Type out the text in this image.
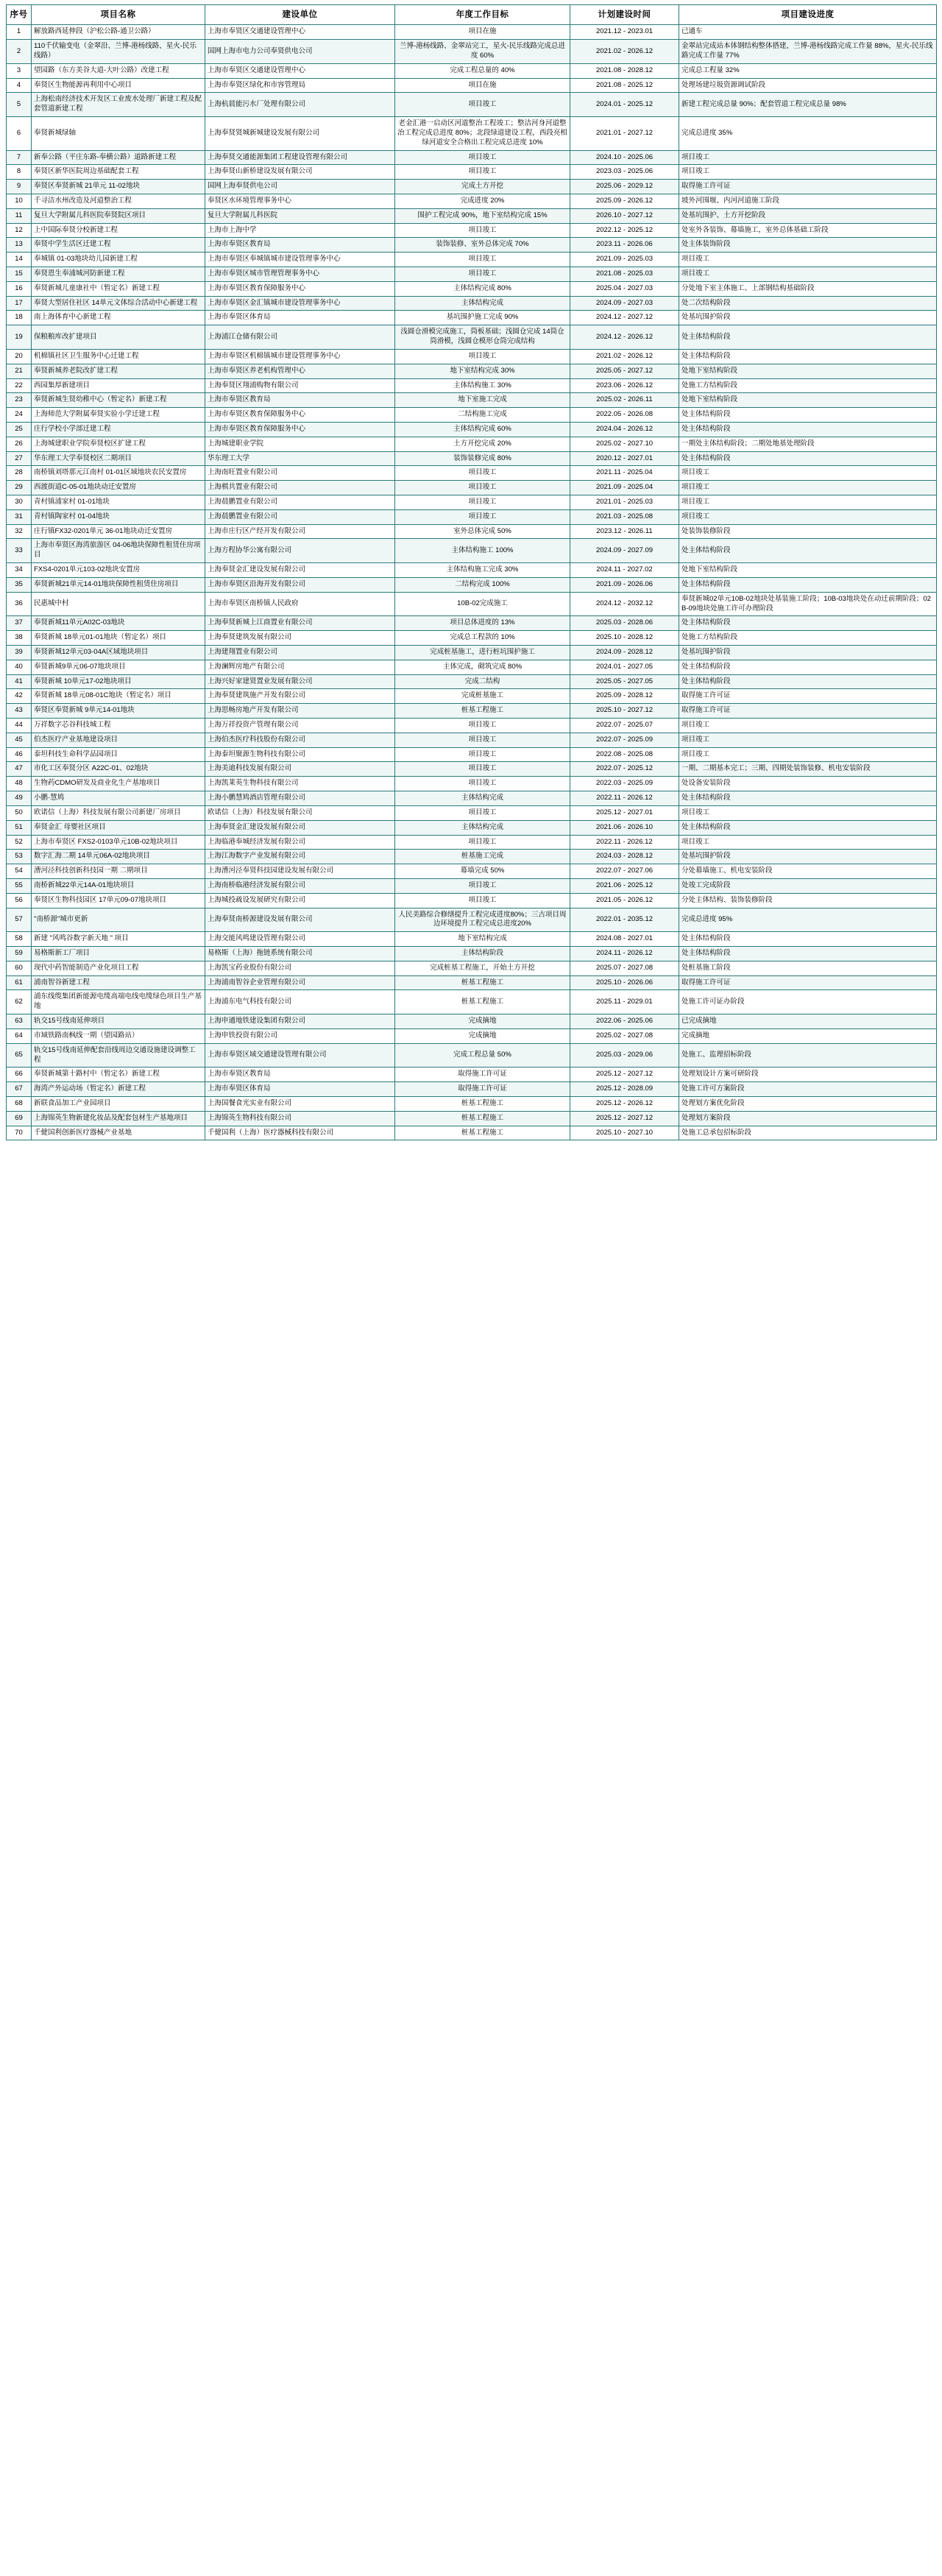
序号	项目名称	建设单位	年度工作目标	计划建设时间	项目建设进度
1	解放路西延伸段（沪松公路-通卫公路）	上海市奉贤区交通建设管理中心	项目在施	2021.12 - 2023.01	已通车
2	110千伏输变电（金翠沿、兰博-港杨线路、星火-民乐线路）	国网上海市电力公司奉贤供电公司	兰博-港杨线路、金翠站完工，星火-民乐线路完成总进度 60%	2021.02 - 2026.12	金翠站完成站本体钢结构整体搭建，兰博-港杨线路完成工作量 88%，星火-民乐线路完成工作量 77%
3	望园路（东方美谷大道-大叶公路）改建工程	上海市奉贤区交通建设管理中心	完成工程总量的 40%	2021.08 - 2028.12	完成总工程量 32%
4	奉贤区生物能源再利用中心项目	上海市奉贤区绿化和市容管理局	项目在施	2021.08 - 2025.12	处理场建垃圾资源调试阶段
5	上海松南经济技术开发区工业废水处理厂新建工程及配套管道新建工程	上海杭晨能污水厂处理有限公司	项目竣工	2024.01 - 2025.12	新建工程完成总量 90%；配套管道工程完成总量 98%
6	奉贤新城绿轴	上海奉贤贤城新城建设发展有限公司	老金汇港一启动区河道整治工程竣工；整洁河身河道整治工程完成总进度 80%；北段绿道建设工程，西段亮相绿河道安全合格出工程完成总进度 10%	2021.01 - 2027.12	完成总进度 35%
7	新奉公路（平庄东路-奉横公路）道路新建工程	上海奉贤交通能源集团工程建设管理有限公司	项目竣工	2024.10 - 2025.06	项目竣工
8	奉贤区新华医院周边基础配套工程	上海奉贤山新桥建设发展有限公司	项目竣工	2023.03 - 2025.06	项目竣工
9	奉贤区奉贤新城 21单元 11-02地块	国网上海奉贤供电公司	完成土方开挖	2025.06 - 2029.12	取得施工许可证
10	千寻洁水州改造及河道整治工程	奉贤区水环境管理事务中心	完成进度 20%	2025.09 - 2026.12	坡外河围堰、内河河道施工阶段
11	复旦大学附属儿科医院奉贤院区项目	复旦大学附属儿科医院	围护工程完成 90%，地下室结构完成 15%	2026.10 - 2027.12	处基坑围护、土方开挖阶段
12	上中国际奉贤分校新建工程	上海市上海中学	项目竣工	2022.12 - 2025.12	处室外各装饰、幕墙施工，室外总体基础工阶段
13	奉贤中学生活区迁建工程	上海市奉贤区教育局	装饰装修、室外总体完成 70%	2023.11 - 2026.06	处主体装饰阶段
14	奉城镇 01-03地块幼儿园新建工程	上海市奉贤区奉城镇城市建设管理事务中心	项目竣工	2021.09 - 2025.03	项目竣工
15	奉贤恩生奉浦城河防新建工程	上海市奉贤区城市管理管理事务中心	项目竣工	2021.08 - 2025.03	项目竣工
16	奉贤新城儿童康社中（暂定名）新建工程	上海市奉贤区教育保障服务中心	主体结构完成 80%	2025.04 - 2027.03	分处地下室主体施工、上部钢结构基础阶段
17	奉贤大型居住社区 14单元文体综合活动中心新建工程	上海市奉贤区金汇镇城市建设管理事务中心	主体结构完成	2024.09 - 2027.03	处二次结构阶段
18	南上海体育中心新建工程	上海市奉贤区体育局	基坑围护施工完成 90%	2024.12 - 2027.12	处基坑围护阶段
19	保粮粮库改扩建项目	上海浦江仓储有限公司	浅圆仓滑模完成施工，筒板基础；浅圆仓完成 14筒仓筒滑模，浅圆仓模形仓筒完成结构	2024.12 - 2026.12	处主体结构阶段
20	机棉镇社区卫生服务中心迁建工程	上海市奉贤区机棉镇城市建设管理事务中心	项目竣工	2021.02 - 2026.12	处主体结构阶段
21	奉贤新城养老院改扩建工程	上海市奉贤区养老机构管理中心	地下室结构完成 30%	2025.05 - 2027.12	处地下室结构阶段
22	西园集厚新建项目	上海奉贤区翔浦购物有限公司	主体结构施工 30%	2023.06 - 2026.12	处施工方结构阶段
23	奉贤新城生贤幼稚中心（暂定名）新建工程	上海市奉贤区教育局	地下室施工完成	2025.02 - 2026.11	处地下室结构阶段
24	上海师范大学附属奉贤实验小学迁建工程	上海市奉贤区教育保障服务中心	二结构施工完成	2022.05 - 2026.08	处主体结构阶段
25	庄行学校小学部迁建工程	上海市奉贤区教育保障服务中心	主体结构完成 60%	2024.04 - 2026.12	处主体结构阶段
26	上海城建职业学院奉贤校区扩建工程	上海城建职业学院	土方开挖完成 20%	2025.02 - 2027.10	一期处主体结构阶段；二期处地基处理阶段
27	华东理工大学奉贤校区二期项目	华东理工大学	装饰装修完成 80%	2020.12 - 2027.01	处主体结构阶段
28	南桥镇刘塔那元江南村 01-01区域地块农民安置房	上海南旺置业有限公司	项目竣工	2021.11 - 2025.04	项目竣工
29	西渡街道C-05-01地块动迁安置房	上海棋共置业有限公司	项目竣工	2021.09 - 2025.04	项目竣工
30	青村镇浦家村 01-01地块	上海晨鹏置业有限公司	项目竣工	2021.01 - 2025.03	项目竣工
31	青村镇陶家村 01-04地块	上海晨鹏置业有限公司	项目竣工	2021.03 - 2025.08	项目竣工
32	庄行镇FX32-0201单元 36-01地块动迁安置房	上海市庄行区产经开发有限公司	室外总体完成 50%	2023.12 - 2026.11	处装饰装修阶段
33	上海市奉贤区海湾旅游区 04-06地块保障性租赁住房项目	上海方程协华公寓有限公司	主体结构施工 100%	2024.09 - 2027.09	处主体结构阶段
34	FXS4-0201单元103-02地块安置房	上海奉贤金汇建设发展有限公司	主体结构施工完成 30%	2024.11 - 2027.02	处地下室结构阶段
35	奉贤新城21单元14-01地块保障性租赁住房项目	上海市奉贤区沿海开发有限公司	二结构完成 100%	2021.09 - 2026.06	处主体结构阶段
36	民惠城中村	上海市奉贤区南桥镇人民政府	10B-02完成施工	2024.12 - 2032.12	奉贤新城02单元10B-02地块处基装施工阶段；10B-03地块处在动迁前期阶段；02B-09地块处施工许可办理阶段
37	奉贤新城11单元A02C-03地块	上海奉贤新城上江商置业有限公司	项目总体进度的 13%	2025.03 - 2028.06	处主体结构阶段
38	奉贤新城 18单元01-01地块（暂定名）项目	上海奉贤建筑发展有限公司	完成总工程款的 10%	2025.10 - 2028.12	处施工方结构阶段
39	奉贤新城12单元03-04A区域地块项目	上海建翔置业有限公司	完成桩基施工，进行桩坑围护施工	2024.09 - 2028.12	处基坑围护阶段
40	奉贤新城9单元06-07地块项目	上海澜辉房地产有限公司	主体完成，砌筑完成 80%	2024.01 - 2027.05	处主体结构阶段
41	奉贤新城 10单元17-02地块项目	上海兴好家建贤置业发展有限公司	完成二结构	2025.05 - 2027.05	处主体结构阶段
42	奉贤新城 18单元08-01C地块（暂定名）项目	上海奉贤建筑施产开发有限公司	完成桩基施工	2025.09 - 2028.12	取得施工许可证
43	奉贤区奉贤新城 9单元14-01地块	上海思畅房地产开发有限公司	桩基工程施工	2025.10 - 2027.12	取得施工许可证
44	万祥数字芯谷科技城工程	上海万祥投资产管理有限公司	项目竣工	2022.07 - 2025.07	项目竣工
45	伯杰医疗产业基地建设项目	上海伯杰医疗科技股份有限公司	项目竣工	2022.07 - 2025.09	项目竣工
46	泰坦科技生命科学品园项目	上海泰坦聚源生物科技有限公司	项目竣工	2022.08 - 2025.08	项目竣工
47	市化工区奉贤分区 A22C-01、02地块	上海美迪科技发展有限公司	项目竣工	2022.07 - 2025.12	一期、二期基本完工；三期、四期处装饰装修、机电安装阶段
48	生物药CDMO研发及商业化生产基地项目	上海凯莱英生物科技有限公司	项目竣工	2022.03 - 2025.09	处设备安装阶段
49	小鹏·慧鸠	上海小鹏慧鸠酒店管理有限公司	主体结构完成	2022.11 - 2026.12	处主体结构阶段
50	欧诺信（上海）科技发展有限公司新建厂房项目	欧诺信（上海）科技发展有限公司	项目竣工	2025.12 - 2027.01	项目竣工
51	奉贤金汇 母婴社区项目	上海奉贤金汇建设发展有限公司	主体结构完成	2021.06 - 2026.10	处主体结构阶段
52	上海市奉贤区 FXS2-0103单元10B-02地块项目	上海临港奉城经济发展有限公司	项目竣工	2022.11 - 2026.12	项目竣工
53	数字汇海二期 14单元06A-02地块项目	上海江海数字产业发展有限公司	桩基施工完成	2024.03 - 2028.12	处基坑围护阶段
54	漕河泾科技创新科技园一期 二期项目	上海漕河泾奉贤科技园建设发展有限公司	幕墙完成 50%	2022.07 - 2027.06	分处幕墙施工、机电安装阶段
55	南桥新城22单元14A-01地块项目	上海南桥临港经济发展有限公司	项目竣工	2021.06 - 2025.12	处竣工完成阶段
56	奉贤区生物科技园区 17单元09-07地块项目	上海城投疏设发展研究有限公司	项目竣工	2021.05 - 2026.12	分处主体结构、装饰装修阶段
57	"南桥源"城市更新	上海奉贤南桥源建设发展有限公司	人民美路综合修缮提升工程完成进度80%；三古项目周边环境提升工程完成总进度20%	2022.01 - 2035.12	完成总进度 95%
58	新建 "风鸣谷数字新天地 " 项目	上海交能风鸣建设管理有限公司	地下室结构完成	2024.08 - 2027.01	处主体结构阶段
59	易格斯新工厂项目	易格斯（上海）拖链系统有限公司	主体结构阶段	2024.11 - 2026.12	处主体结构阶段
60	现代中药智能制造产业化项目工程	上海凯宝药业股份有限公司	完成桩基工程施工，开始土方开挖	2025.07 - 2027.08	处桩基施工阶段
61	浦南智谷新建工程	上海浦南智谷企业管理有限公司	桩基工程施工	2025.10 - 2026.06	取得施工许可证
62	浦东线缆集团新能源电缆高端电线电缆绿色项目生产基地	上海浦东电气科技有限公司	桩基工程施工	2025.11 - 2029.01	处施工许可证办阶段
63	轨交15号线南延伸项目	上海申通地铁建设集团有限公司	完成摘地	2022.06 - 2025.06	已完成摘地
64	市域铁路南枫线一期（望园路站）	上海申铁投资有限公司	完成摘地	2025.02 - 2027.08	完成摘地
65	轨交15号线南延伸配套沿线周边交通设施建设调整工程	上海市奉贤区域交通建设管理有限公司	完成工程总量 50%	2025.03 - 2029.06	处施工、监理招标阶段
66	奉贤新城第十路村中（暂定名）新建工程	上海市奉贤区教育局	取得施工许可证	2025.12 - 2027.12	处理划设计方案可研阶段
67	海湾产外运动场（暂定名）新建工程	上海市奉贤区体育局	取得施工许可证	2025.12 - 2028.09	处施工许可方案阶段
68	新联食品加工产业园项目	上海国餐食光实业有限公司	桩基工程施工	2025.12 - 2026.12	处理划方案优化阶段
69	上海锦英生物新建化妆品及配套包材生产基地项目	上海锦英生物科技有限公司	桩基工程施工	2025.12 - 2027.12	处理划方案阶段
70	千健国利创新医疗器械产业基地	千健国利（上海）医疗器械科技有限公司	桩基工程施工	2025.10 - 2027.10	处施工总承包招标阶段
